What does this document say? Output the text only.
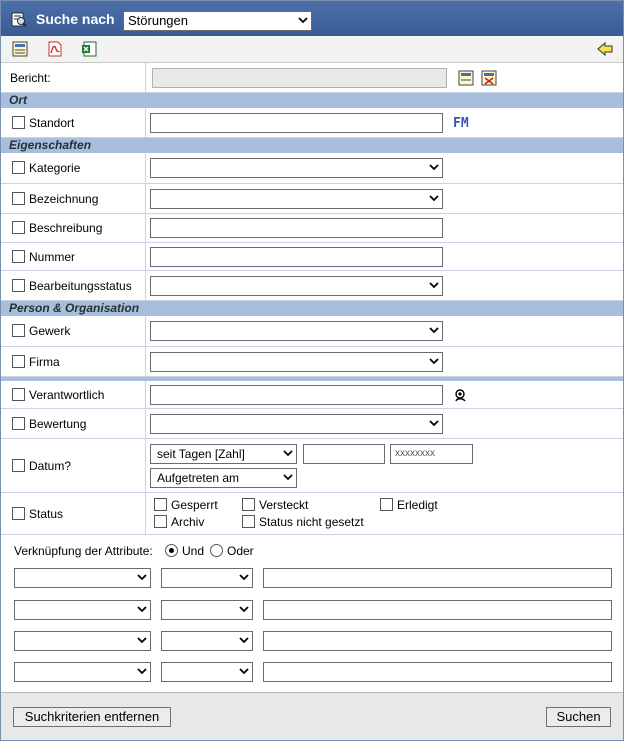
Suche nach	Störungen
Bericht:
Ort
Standort	FM
Eigenschaften
Kategorie
Bezeichnung
Beschreibung
Nummer
Bearbeitungsstatus
Person & Organisation
Gewerk
Firma
Verantwortlich
Bewertung
Datum?
seit Tagen [Zahl]	xxxxxxxx
Aufgetreten am
Status
Gesperrt	Versteckt	Erledigt
Archiv	Status nicht gesetzt
Verknüpfung der Attribute: Und Oder
Suchkriterien entfernen	Suchen
